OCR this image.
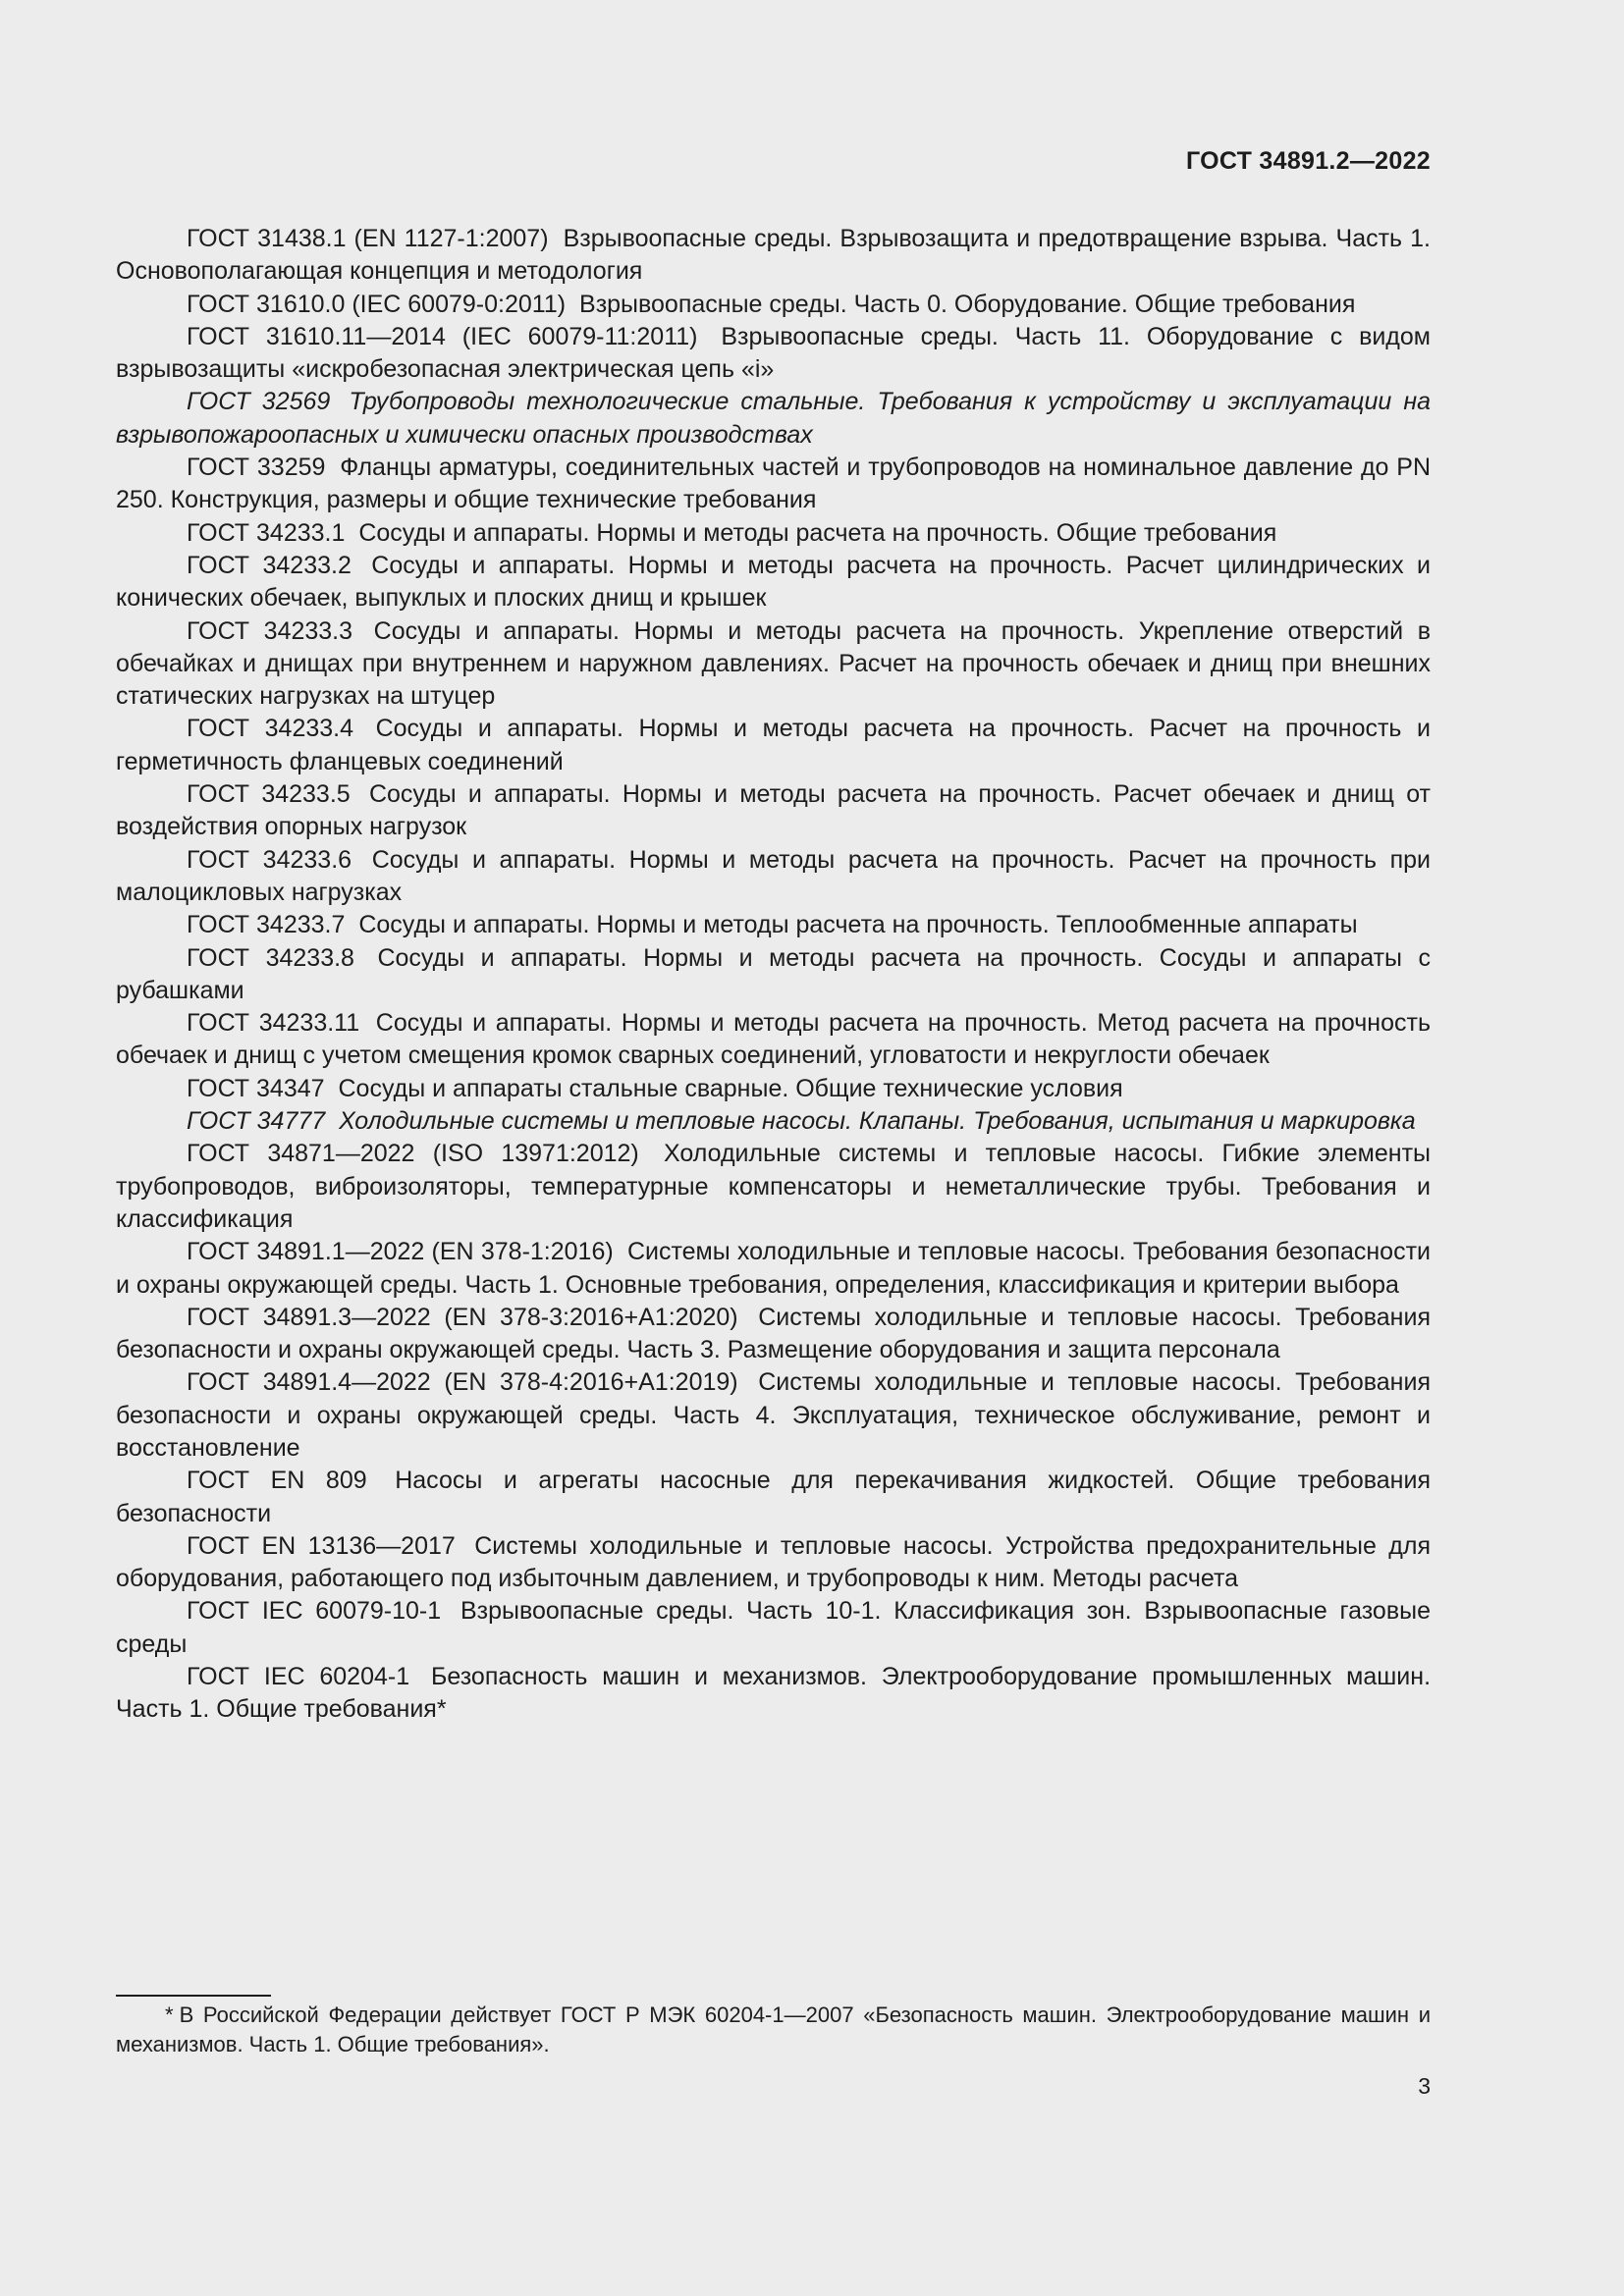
ГОСТ 34891.2—2022

ГОСТ 31438.1 (EN 1127-1:2007) Взрывоопасные среды. Взрывозащита и предотвращение взрыва. Часть 1. Основополагающая концепция и методология

ГОСТ 31610.0 (IEC 60079-0:2011) Взрывоопасные среды. Часть 0. Оборудование. Общие требования

ГОСТ 31610.11—2014 (IEC 60079-11:2011) Взрывоопасные среды. Часть 11. Оборудование с видом взрывозащиты «искробезопасная электрическая цепь «i»

ГОСТ 32569 Трубопроводы технологические стальные. Требования к устройству и эксплуатации на взрывопожароопасных и химически опасных производствах

ГОСТ 33259 Фланцы арматуры, соединительных частей и трубопроводов на номинальное давление до PN 250. Конструкция, размеры и общие технические требования

ГОСТ 34233.1 Сосуды и аппараты. Нормы и методы расчета на прочность. Общие требования

ГОСТ 34233.2 Сосуды и аппараты. Нормы и методы расчета на прочность. Расчет цилиндрических и конических обечаек, выпуклых и плоских днищ и крышек

ГОСТ 34233.3 Сосуды и аппараты. Нормы и методы расчета на прочность. Укрепление отверстий в обечайках и днищах при внутреннем и наружном давлениях. Расчет на прочность обечаек и днищ при внешних статических нагрузках на штуцер

ГОСТ 34233.4 Сосуды и аппараты. Нормы и методы расчета на прочность. Расчет на прочность и герметичность фланцевых соединений

ГОСТ 34233.5 Сосуды и аппараты. Нормы и методы расчета на прочность. Расчет обечаек и днищ от воздействия опорных нагрузок

ГОСТ 34233.6 Сосуды и аппараты. Нормы и методы расчета на прочность. Расчет на прочность при малоцикловых нагрузках

ГОСТ 34233.7 Сосуды и аппараты. Нормы и методы расчета на прочность. Теплообменные аппараты

ГОСТ 34233.8 Сосуды и аппараты. Нормы и методы расчета на прочность. Сосуды и аппараты с рубашками

ГОСТ 34233.11 Сосуды и аппараты. Нормы и методы расчета на прочность. Метод расчета на прочность обечаек и днищ с учетом смещения кромок сварных соединений, угловатости и некруглости обечаек

ГОСТ 34347 Сосуды и аппараты стальные сварные. Общие технические условия

ГОСТ 34777 Холодильные системы и тепловые насосы. Клапаны. Требования, испытания и маркировка

ГОСТ 34871—2022 (ISO 13971:2012) Холодильные системы и тепловые насосы. Гибкие элементы трубопроводов, виброизоляторы, температурные компенсаторы и неметаллические трубы. Требования и классификация

ГОСТ 34891.1—2022 (EN 378-1:2016) Системы холодильные и тепловые насосы. Требования безопасности и охраны окружающей среды. Часть 1. Основные требования, определения, классификация и критерии выбора

ГОСТ 34891.3—2022 (EN 378-3:2016+A1:2020) Системы холодильные и тепловые насосы. Требования безопасности и охраны окружающей среды. Часть 3. Размещение оборудования и защита персонала

ГОСТ 34891.4—2022 (EN 378-4:2016+A1:2019) Системы холодильные и тепловые насосы. Требования безопасности и охраны окружающей среды. Часть 4. Эксплуатация, техническое обслуживание, ремонт и восстановление

ГОСТ EN 809 Насосы и агрегаты насосные для перекачивания жидкостей. Общие требования безопасности

ГОСТ EN 13136—2017 Системы холодильные и тепловые насосы. Устройства предохранительные для оборудования, работающего под избыточным давлением, и трубопроводы к ним. Методы расчета

ГОСТ IEC 60079-10-1 Взрывоопасные среды. Часть 10-1. Классификация зон. Взрывоопасные газовые среды

ГОСТ IEC 60204-1 Безопасность машин и механизмов. Электрооборудование промышленных машин. Часть 1. Общие требования*

* В Российской Федерации действует ГОСТ Р МЭК 60204-1—2007 «Безопасность машин. Электрооборудование машин и механизмов. Часть 1. Общие требования».

3
